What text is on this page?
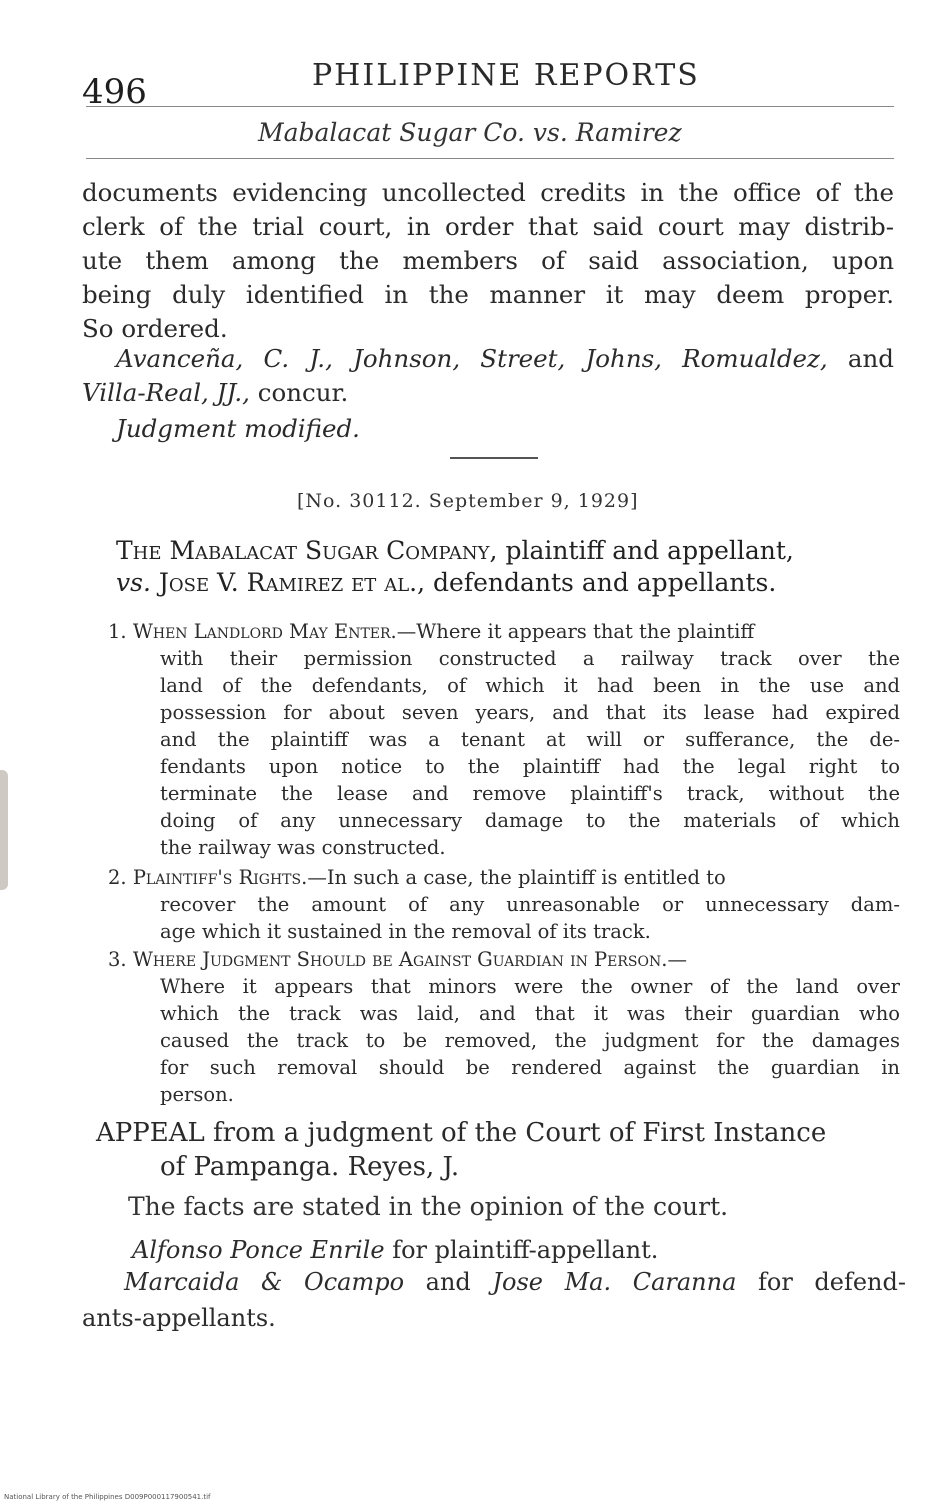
496	PHILIPPINE REPORTS
Mabalacat Sugar Co. vs. Ramirez
documents evidencing uncollected credits in the office of the
clerk of the trial court, in order that said court may distrib-
ute them among the members of said association, upon
being duly identified in the manner it may deem proper.
So ordered.
Avanceña, C. J., Johnson, Street, Johns, Romualdez, and
Villa-Real, JJ., concur.
Judgment modified.
[No. 30112. September 9, 1929]
The Mabalacat Sugar Company, plaintiff and appellant,
vs. Jose V. Ramirez et al., defendants and appellants.
1. When Landlord May Enter.—Where it appears that the plaintiff
with their permission constructed a railway track over the
land of the defendants, of which it had been in the use and
possession for about seven years, and that its lease had expired
and the plaintiff was a tenant at will or sufferance, the de-
fendants upon notice to the plaintiff had the legal right to
terminate the lease and remove plaintiff's track, without the
doing of any unnecessary damage to the materials of which
the railway was constructed.
2. Plaintiff's Rights.—In such a case, the plaintiff is entitled to
recover the amount of any unreasonable or unnecessary dam-
age which it sustained in the removal of its track.
3. Where Judgment Should be Against Guardian in Person.—
Where it appears that minors were the owner of the land over
which the track was laid, and that it was their guardian who
caused the track to be removed, the judgment for the damages
for such removal should be rendered against the guardian in
person.
APPEAL from a judgment of the Court of First Instance
of Pampanga. Reyes, J.
The facts are stated in the opinion of the court.
Alfonso Ponce Enrile for plaintiff-appellant.
Marcaida & Ocampo and Jose Ma. Caranna for defend-
ants-appellants.
National Library of the Philippines D009P000117900541.tif
